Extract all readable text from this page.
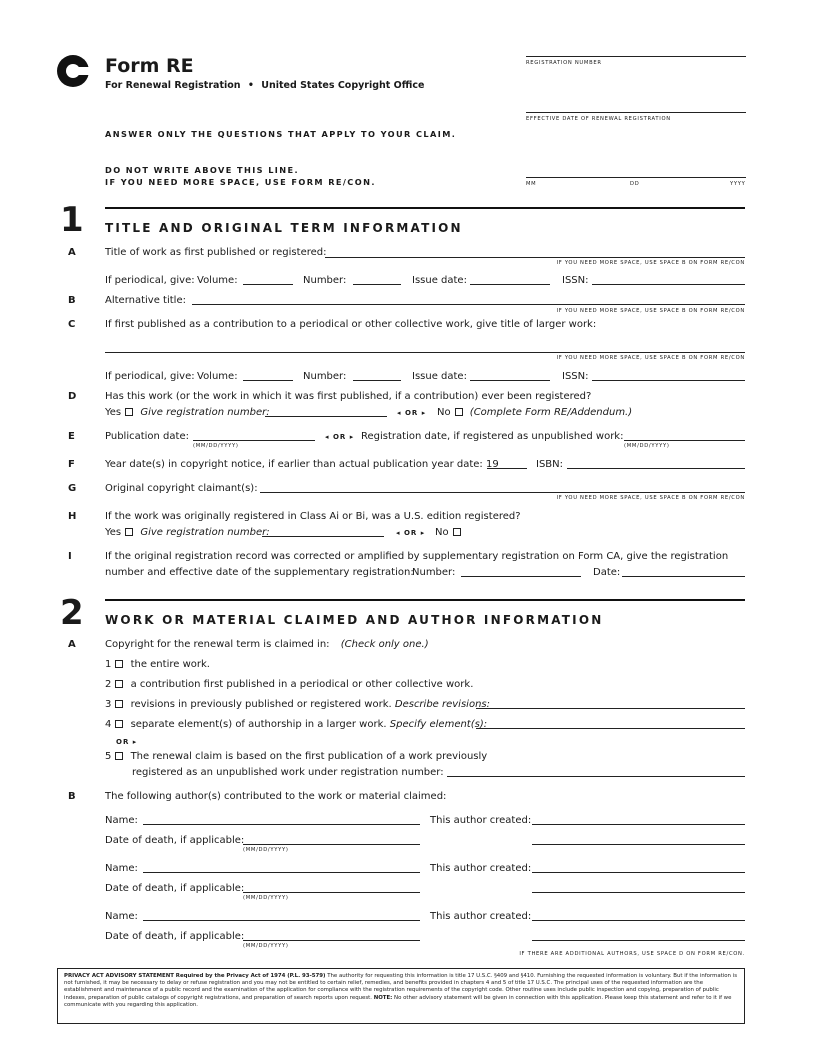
Form RE
For Renewal Registration • United States Copyright Office
ANSWER ONLY THE QUESTIONS THAT APPLY TO YOUR CLAIM.
DO NOT WRITE ABOVE THIS LINE.
IF YOU NEED MORE SPACE, USE FORM RE/CON.
REGISTRATION NUMBER
EFFECTIVE DATE OF RENEWAL REGISTRATION
MM	DD	YYYY
1 TITLE AND ORIGINAL TERM INFORMATION
A	Title of work as first published or registered:
IF YOU NEED MORE SPACE, USE SPACE B ON FORM RE/CON
If periodical, give: Volume:	Number:	Issue date:	ISSN:
B	Alternative title:
IF YOU NEED MORE SPACE, USE SPACE B ON FORM RE/CON
C	If first published as a contribution to a periodical or other collective work, give title of larger work:
IF YOU NEED MORE SPACE, USE SPACE B ON FORM RE/CON
If periodical, give: Volume:	Number:	Issue date:	ISSN:
D	Has this work (or the work in which it was first published, if a contribution) ever been registered?
Yes Give registration number:	◂ OR ▸ No (Complete Form RE/Addendum.)
E	Publication date:
(MM/DD/YYYY)
◂ OR ▸ Registration date, if registered as unpublished work:
(MM/DD/YYYY)
F	Year date(s) in copyright notice, if earlier than actual publication year date: 19	ISBN:
G	Original copyright claimant(s):
IF YOU NEED MORE SPACE, USE SPACE B ON FORM RE/CON
H	If the work was originally registered in Class Ai or Bi, was a U.S. edition registered?
Yes Give registration number:	◂ OR ▸ No
I	If the original registration record was corrected or amplified by supplementary registration on Form CA, give the registration
number and effective date of the supplementary registration:
Number:	Date:
2 WORK OR MATERIAL CLAIMED AND AUTHOR INFORMATION
A	Copyright for the renewal term is claimed in: (Check only one.)
1 the entire work.
2 a contribution first published in a periodical or other collective work.
3 revisions in previously published or registered work. Describe revisions:
4 separate element(s) of authorship in a larger work. Specify element(s):
OR ▸
5 The renewal claim is based on the first publication of a work previously
registered as an unpublished work under registration number:
B	The following author(s) contributed to the work or material claimed:
Name:	This author created:
Date of death, if applicable:
(MM/DD/YYYY)
Name:	This author created:
Date of death, if applicable:
(MM/DD/YYYY)
Name:	This author created:
Date of death, if applicable:
(MM/DD/YYYY)
IF THERE ARE ADDITIONAL AUTHORS, USE SPACE D ON FORM RE/CON.
PRIVACY ACT ADVISORY STATEMENT Required by the Privacy Act of 1974 (P.L. 93-579) The authority for requesting this information is title 17 U.S.C. §409 and §410. Furnishing the requested information is voluntary. But if the information is not furnished, it may be necessary to delay or refuse registration and you may not be entitled to certain relief, remedies, and benefits provided in chapters 4 and 5 of title 17 U.S.C. The principal uses of the requested information are the establishment and maintenance of a public record and the examination of the application for compliance with the registration requirements of the copyright code. Other routine uses include public inspection and copying, preparation of public indexes, preparation of public catalogs of copyright registrations, and preparation of search reports upon request. NOTE: No other advisory statement will be given in connection with this application. Please keep this statement and refer to it if we communicate with you regarding this application.
